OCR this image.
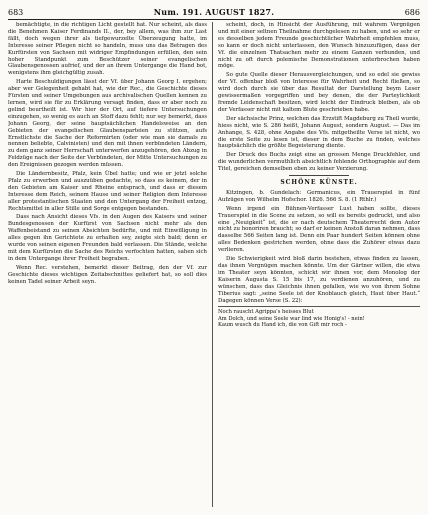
683	Num. 191. AUGUST 1827.	686

bemächtigte, in die richtigen Licht gestellt hat. Nur scheint, als dass die Benehmen Kaiser Ferdinands II., der, bey allem, was ihm zur Last fällt, doch wegen ihrer als tiefgewurzelte Überzeugung hatte, im Interesse seiner Pflegen nicht so handeln, muss uns das Betragen des Kurfürsten von Sachsen mit widriger Empfindungen erfüllen, den sein hoher Standpunkt zum Beschützer seiner evangelischen Glaubensgenossen aufrief, und der an ihrem Untergange die Hand bot, wenigstens ihm gleichgültig zusah.

Harte Beschuldigungen lässt der Vf. über Johann Georg I. ergehen; aber wer Gelegenheit gehabt hat, wie der Rec., die Geschichte dieses Fürsten und seiner Umgebungen aus archivalischen Quellen kennen zu lernen, wird sie für zu Erklärung versagt finden, dass er aber noch zu gelind beurtheilt ist. Wir hier der Ort, auf tiefere Untersuchungen einzugehen, so wenig es auch an Stoff dazu fehlt; nur sey bemerkt, dass Johann Georg, der seine hauptsächlichen Handelsweise an den Gebieten der evangelischen Glaubensparteien zu stützen, aufs Ernstlichste die Sache der Reformirten (oder wie man sie damals zu nennen beliebte, Calvinisten) und den mit ihnen verbündeten Ländern, zu dem ganz seiner Herrschaft unterwerfen anzugehören, den Abzug in Feldzüge nach der Seite der Verbündeten, der Mitte Untersuchungen zu den Ereignissen gezogen werden müssen.

Die Ländernbesitz, Pfalz, kein Übel hatte; und wie er jetzt solche Pfalz zu erwerben und auszuüben gedachte, so dass es keinem, der in den Gebieten am Kaiser und Rheine entsprach, und dass er diesem Interesse dem Reich, seinem Hause und seiner Religion dem Interesse aller protestantischen Staaten und den Untergang der Freiheit entzog, Rechtsmittel in aller Stille und Sorge entgegen bestanden.

Dass nach Ansicht dieses Vfs. in den Augen des Kaisers und seiner Bundesgenossen der Kurfürst von Sachsen nicht mehr als den Waffenbeistand zu seinen Absichten bedürfte, und mit Einwilligung in alles gegen ihn Gerichtete zu erhalten sey, zeigte sich bald; denn er wurde von seinen eigenen Freunden bald verlassen. Die Stände, welche mit dem Kurfürsten die Sache des Reichs verfochten hatten, sahen sich in dem Untergange ihrer Freiheit begraben.

Wenn Rec. verstehen, bemerkt dieser Beitrag, den der Vf. zur Geschichte dieses wichtigen Zeitabschnittes geliefert hat, so soll dies keinen Tadel seiner Arbeit seyn.

scheint, doch, in Hinsicht der Ausführung, mit wahrem Vergnügen und mit einer seltnen Theilnahme durchgelesen zu haben, und so sehr er es desselben jedem Freunde geschichtlicher Wahrheit empfehlen muss, so kann er doch nicht unterlassen, den Wunsch hinzuzufügen, dass der Vf. die einzelnen Thatsachen mehr zu einem Ganzen verbunden, und nicht zu oft durch polemische Demonstrationen unterbrochen haben möge.

So gute Quelle dieser Herausvergleichungen, und so edel sie gewiss der Vf. offenbar bloß von Interesse für Wahrheit und Recht fließen, so wird doch durch sie über das Resultat der Darstellung beym Leser gewissermaßen vorgegriffen und bey denen, die der Parteylichkeit fremde Leidenschaft besitzen, wird leicht der Eindruck bleiben, als ob der Verfasser nicht mit kaltem Blute geschrieben habe.

Der sächsische Prinz, welchen das Erzstift Magdeburg zu Theil wurde, hiess nicht, wie S. 286 heißt, Johann August, sondern August. — Das im Anhange, S. 428, ohne Angabe des Vfs. mitgetheilte Verse ist nicht, wo die erste Seite zu lesen ist, dieser in dem Buche zu finden, welches hauptsächlich die größte Begeisterung diente.

Der Druck des Buchs zeigt eine an grossen Menge Druckfehler, und die wunderlichen vermuthlich absichtlich fehlende Orthographie auf dem Titel, gereichen demselben eben zu keiner Verzierung.

SCHÖNE KÜNSTE.

Kitzingen, b. Gundelach: Germanicus, ein Trauerspiel in fünf Aufzügen von Wilhelm Hofschor. 1826. 566 S. 8. (1 Rthlr.)

Wenn irgend ein Bühnen-Verfasser Lust haben sollte, dieses Trauerspiel in die Scene zu setzen, so will es bereits gedruckt, und also eine „Neuigkeit“ ist, die er nach deutschem Theaterrecht dem Autor nicht zu honoriren braucht; so darf er keinen Anstoß daran nehmen, dass dasselbe 566 Seiten lang ist. Denn ein Paar hundert Seiten können ohne alles Bedenken gestrichen werden, ohne dass die Zuhörer etwas dazu verlieren.

Die Schwierigkeit wird bloß darin bestehen, etwas finden zu lassen, das ihnen Vergnügen machen könnte. Um der Gärtner willen, die etwa im Theater seyn könnten, schickt wir ihnen vor, dem Monolog der Kaiserin Augusta S. 15 bis 17, zu verdienen anzuhören, und zu wünschen, dass das Gleichnis ihnen gefallen, wie wo von ihrem Sohne Tiberius sagt: „seine Seele ist der Knoblauch gleich, Haut über Haut.“ Dagegen können Verse (S. 22):

Noch rauscht Agrippa’s heisses Blut
Am Dolch, und seine Seele war lind wie Honig's! - nein!
Kaum wusch du Hand ich, die von Gift mir roch -
